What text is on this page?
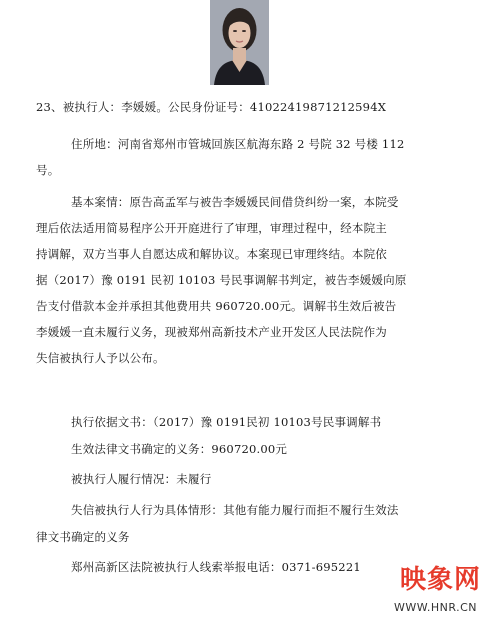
23、被执行人：李媛媛。公民身份证号：41022419871212594X
住所地：河南省郑州市管城回族区航海东路 2 号院 32 号楼 112
号。
基本案情：原告高孟军与被告李媛媛民间借贷纠纷一案，本院受
理后依法适用简易程序公开开庭进行了审理，审理过程中，经本院主
持调解，双方当事人自愿达成和解协议。本案现已审理终结。本院依
据（2017）豫 0191 民初 10103 号民事调解书判定，被告李媛媛向原
告支付借款本金并承担其他费用共 960720.00元。调解书生效后被告
李媛媛一直未履行义务，现被郑州高新技术产业开发区人民法院作为
失信被执行人予以公布。
执行依据文书：（2017）豫 0191民初 10103号民事调解书
生效法律文书确定的义务：960720.00元
被执行人履行情况：未履行
失信被执行人行为具体情形：其他有能力履行而拒不履行生效法
律文书确定的义务
郑州高新区法院被执行人线索举报电话：0371-695221 映象网
WWW.HNR.CN
